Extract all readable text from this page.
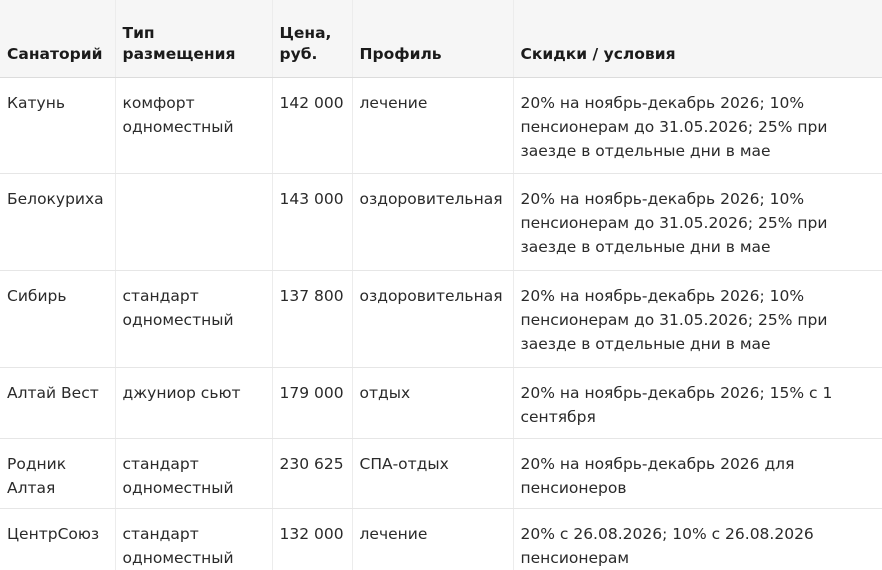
Санаторий	Тип размещения	Цена, руб.	Профиль	Скидки / условия
Катунь	комфорт одноместный	142 000	лечение	20% на ноябрь-декабрь 2026; 10% пенсионерам до 31.05.2026; 25% при заезде в отдельные дни в мае
Белокуриха		143 000	оздоровительная	20% на ноябрь-декабрь 2026; 10% пенсионерам до 31.05.2026; 25% при заезде в отдельные дни в мае
Сибирь	стандарт одноместный	137 800	оздоровительная	20% на ноябрь-декабрь 2026; 10% пенсионерам до 31.05.2026; 25% при заезде в отдельные дни в мае
Алтай Вест	джуниор сьют	179 000	отдых	20% на ноябрь-декабрь 2026; 15% с 1 сентября
Родник Алтая	стандарт одноместный	230 625	СПА-отдых	20% на ноябрь-декабрь 2026 для пенсионеров
ЦентрСоюз	стандарт одноместный	132 000	лечение	20% с 26.08.2026; 10% с 26.08.2026 пенсионерам
